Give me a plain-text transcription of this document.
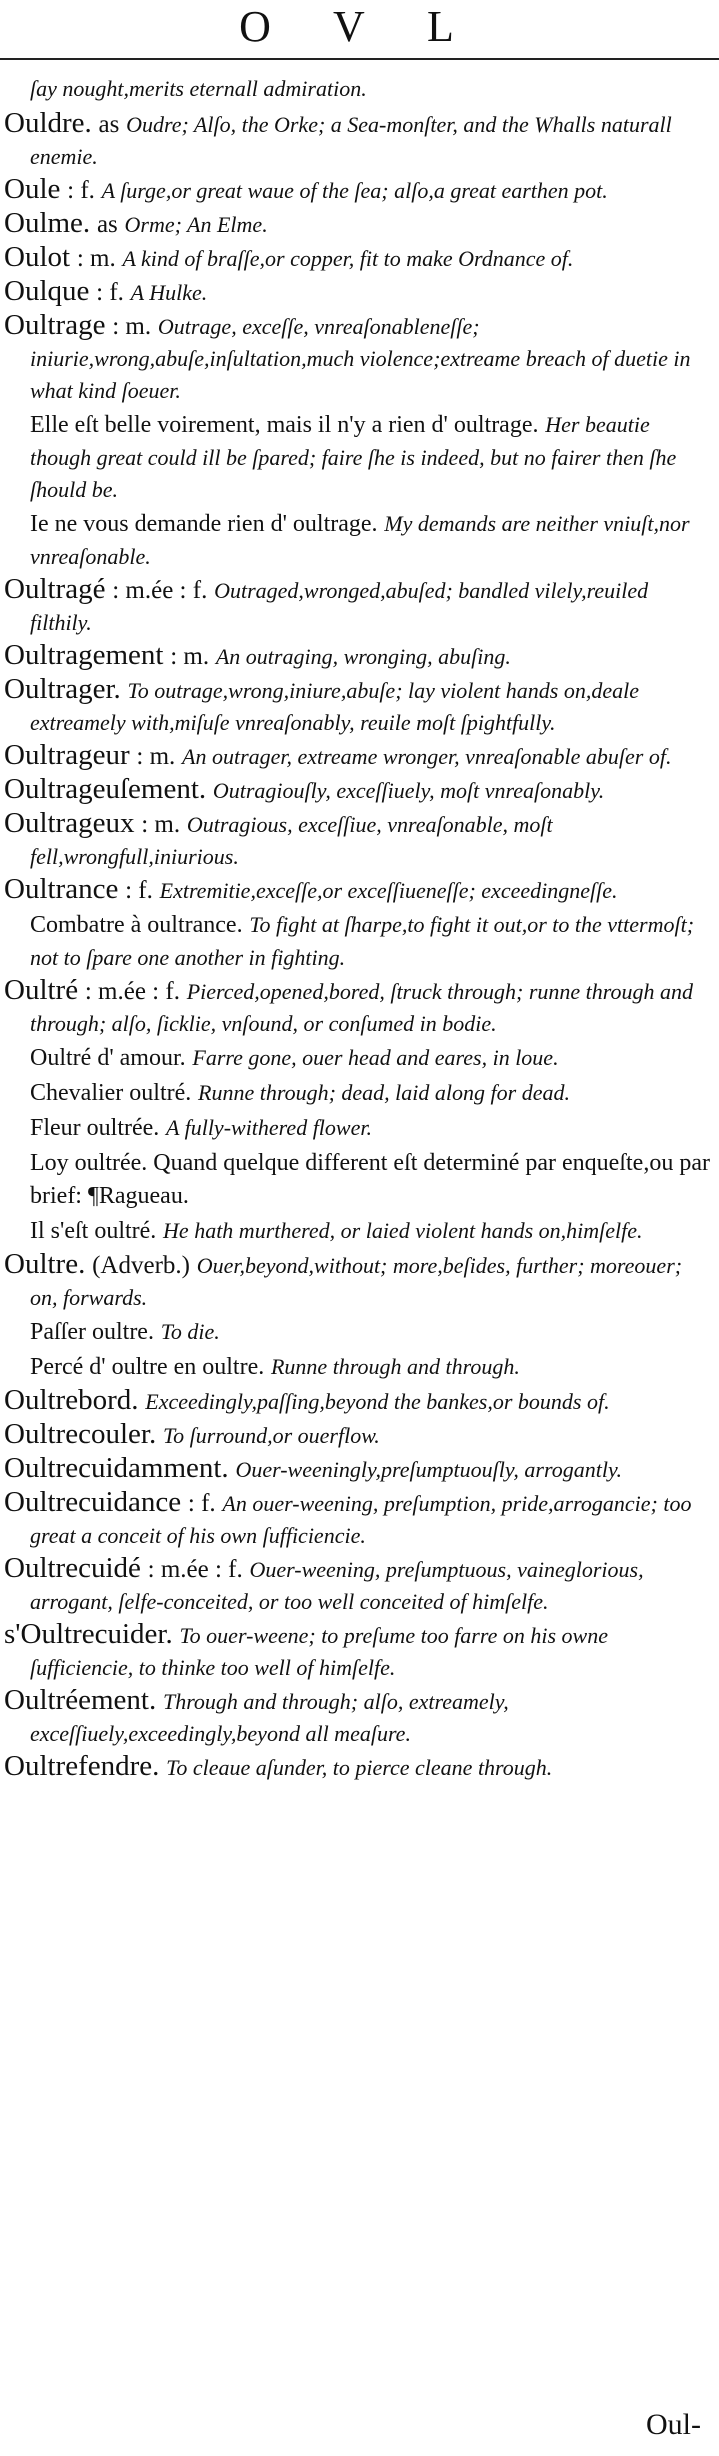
O V L
ſay nought,merits eternall admiration.
Ouldre. as Oudre; Alſo, the Orke; a Sea-monſter, and the Whalls naturall enemie.
Oule : f. A ſurge,or great waue of the ſea; alſo,a great earthen pot.
Oulme. as Orme; An Elme.
Oulot : m. A kind of braſſe,or copper, fit to make Ordnance of.
Oulque : f. A Hulke.
Oultrage : m. Outrage, exceſſe, vnreaſonableneſſe; iniurie,wrong,abuſe,inſultation,much violence;extreame breach of duetie in what kind ſoeuer.
Elle eſt belle voirement, mais il n'y a rien d' oultrage. Her beautie though great could ill be ſpared; faire ſhe is indeed, but no fairer then ſhe ſhould be.
Ie ne vous demande rien d' oultrage. My demands are neither vniuſt,nor vnreaſonable.
Oultragé : m.ée : f. Outraged,wronged,abuſed; bandled vilely,reuiled filthily.
Oultragement : m. An outraging, wronging, abuſing.
Oultrager. To outrage,wrong,iniure,abuſe; lay violent hands on,deale extreamely with,miſuſe vnreaſonably, reuile moſt ſpightfully.
Oultrageur : m. An outrager, extreame wronger, vnreaſonable abuſer of.
Oultrageuſement. Outragiouſly, exceſſiuely, moſt vnreaſonably.
Oultrageux : m. Outragious, exceſſiue, vnreaſonable, moſt fell,wrongfull,iniurious.
Oultrance : f. Extremitie,exceſſe,or exceſſiueneſſe; exceedingneſſe.
Combatre à oultrance. To fight at ſharpe,to fight it out,or to the vttermoſt; not to ſpare one another in fighting.
Oultré : m.ée : f. Pierced,opened,bored, ſtruck through; runne through and through; alſo, ſicklie, vnſound, or conſumed in bodie.
Oultré d' amour. Farre gone, ouer head and eares, in loue.
Chevalier oultré. Runne through; dead, laid along for dead.
Fleur oultrée. A fully-withered flower.
Loy oultrée. Quand quelque different eſt determiné par enqueſte,ou par brief: ¶Ragueau.
Il s'eſt oultré. He hath murthered, or laied violent hands on,himſelfe.
Oultre. (Adverb.) Ouer,beyond,without; more,beſides, further; moreouer; on, forwards.
Paſſer oultre. To die.
Percé d' oultre en oultre. Runne through and through.
Oultrebord. Exceedingly,paſſing,beyond the bankes,or bounds of.
Oultrecouler. To ſurround,or ouerflow.
Oultrecuidamment. Ouer-weeningly,preſumptuouſly, arrogantly.
Oultrecuidance : f. An ouer-weening, preſumption, pride,arrogancie; too great a conceit of his own ſufficiencie.
Oultrecuidé : m.ée : f. Ouer-weening, preſumptuous, vaineglorious, arrogant, ſelfe-conceited, or too well conceited of himſelfe.
s'Oultrecuider. To ouer-weene; to preſume too farre on his owne ſufficiencie, to thinke too well of himſelfe.
Oultréement. Through and through; alſo, extreamely, exceſſiuely,exceedingly,beyond all meaſure.
Oultrefendre. To cleaue aſunder, to pierce cleane through.
Oul-
